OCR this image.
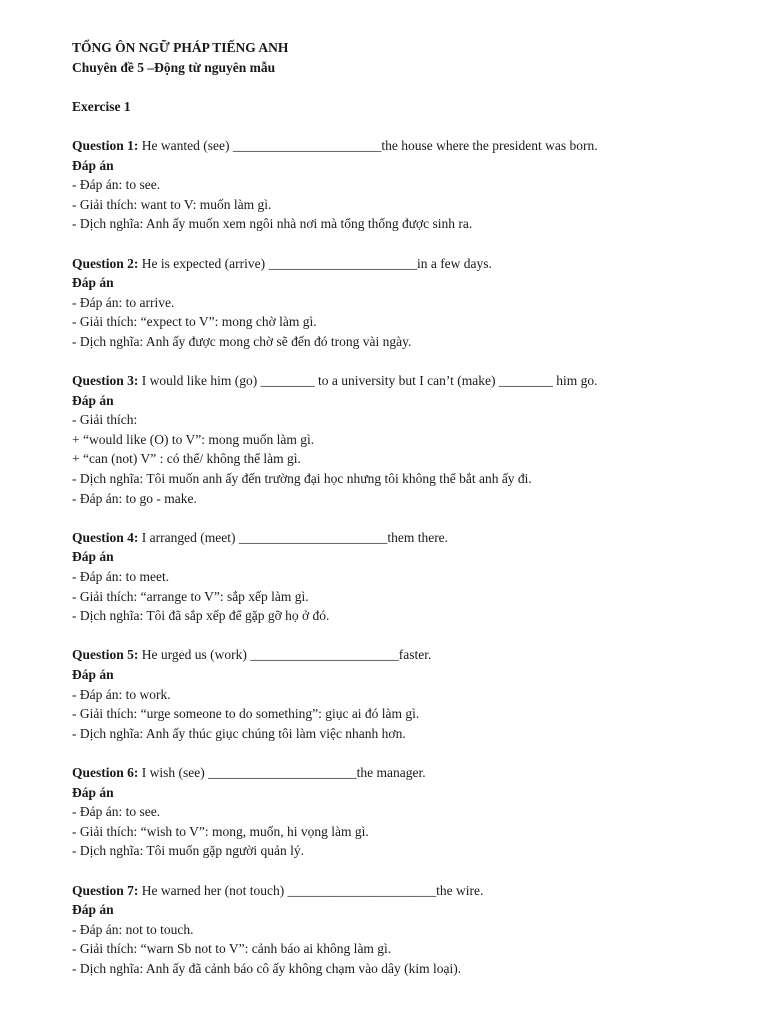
TỔNG ÔN NGỮ PHÁP TIẾNG ANH
Chuyên đề 5 –Động từ nguyên mẫu
Exercise 1
Question 1: He wanted (see) ______________________the house where the president was born.
Đáp án
- Đáp án: to see.
- Giải thích: want to V: muốn làm gì.
- Dịch nghĩa: Anh ấy muốn xem ngôi nhà nơi mà tổng thống được sinh ra.
Question 2: He is expected (arrive) ______________________in a few days.
Đáp án
- Đáp án: to arrive.
- Giải thích: “expect to V”: mong chờ làm gì.
- Dịch nghĩa: Anh ấy được mong chờ sẽ đến đó trong vài ngày.
Question 3: I would like him (go) ________ to a university but I can’t (make) ________ him go.
Đáp án
- Giải thích:
+ “would like (O) to V”: mong muốn làm gì.
+ “can (not) V” : có thể/ không thể làm gì.
- Dịch nghĩa: Tôi muốn anh ấy đến trường đại học nhưng tôi không thể bắt anh ấy đi.
- Đáp án: to go - make.
Question 4: I arranged (meet) ______________________them there.
Đáp án
- Đáp án: to meet.
- Giải thích: “arrange to V”: sắp xếp làm gì.
- Dịch nghĩa: Tôi đã sắp xếp để gặp gỡ họ ở đó.
Question 5: He urged us (work) ______________________faster.
Đáp án
- Đáp án: to work.
- Giải thích: “urge someone to do something”: giục ai đó làm gì.
- Dịch nghĩa: Anh ấy thúc giục chúng tôi làm việc nhanh hơn.
Question 6: I wish (see) ______________________the manager.
Đáp án
- Đáp án: to see.
- Giải thích: “wish to V”: mong, muốn, hi vọng làm gì.
- Dịch nghĩa: Tôi muốn gặp người quản lý.
Question 7: He warned her (not touch) ______________________the wire.
Đáp án
- Đáp án: not to touch.
- Giải thích: “warn Sb not to V”: cảnh báo ai không làm gì.
- Dịch nghĩa: Anh ấy đã cảnh báo cô ấy không chạm vào dây (kim loại).
